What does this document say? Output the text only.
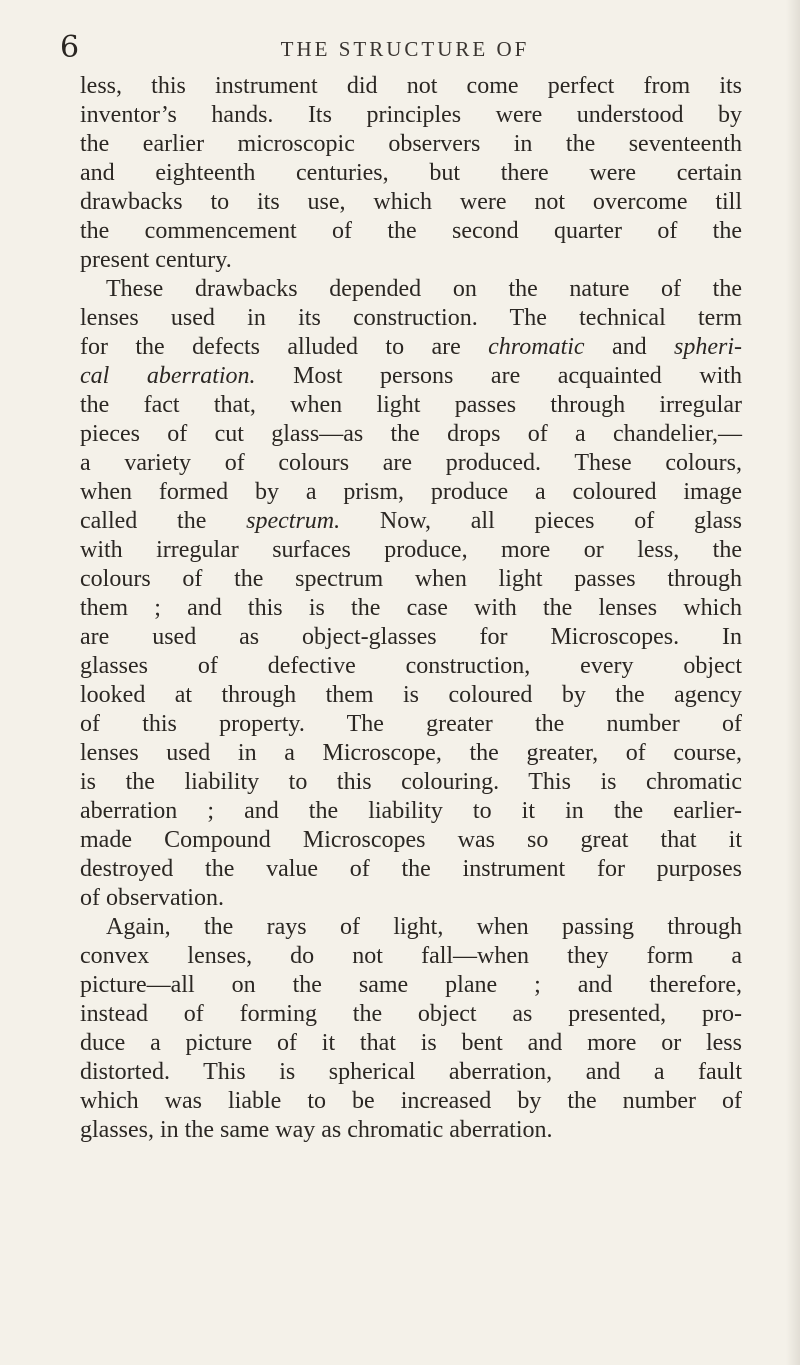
6	THE STRUCTURE OF
less, this instrument did not come perfect from its
inventor’s hands. Its principles were understood by
the earlier microscopic observers in the seventeenth
and eighteenth centuries, but there were certain
drawbacks to its use, which were not overcome till
the commencement of the second quarter of the
present century.
These drawbacks depended on the nature of the
lenses used in its construction. The technical term
for the defects alluded to are chromatic and spheri-
cal aberration. Most persons are acquainted with
the fact that, when light passes through irregular
pieces of cut glass—as the drops of a chandelier,—
a variety of colours are produced. These colours,
when formed by a prism, produce a coloured image
called the spectrum. Now, all pieces of glass
with irregular surfaces produce, more or less, the
colours of the spectrum when light passes through
them ; and this is the case with the lenses which
are used as object-glasses for Microscopes. In
glasses of defective construction, every object
looked at through them is coloured by the agency
of this property. The greater the number of
lenses used in a Microscope, the greater, of course,
is the liability to this colouring. This is chromatic
aberration ; and the liability to it in the earlier-
made Compound Microscopes was so great that it
destroyed the value of the instrument for purposes
of observation.
Again, the rays of light, when passing through
convex lenses, do not fall—when they form a
picture—all on the same plane ; and therefore,
instead of forming the object as presented, pro-
duce a picture of it that is bent and more or less
distorted. This is spherical aberration, and a fault
which was liable to be increased by the number of
glasses, in the same way as chromatic aberration.
